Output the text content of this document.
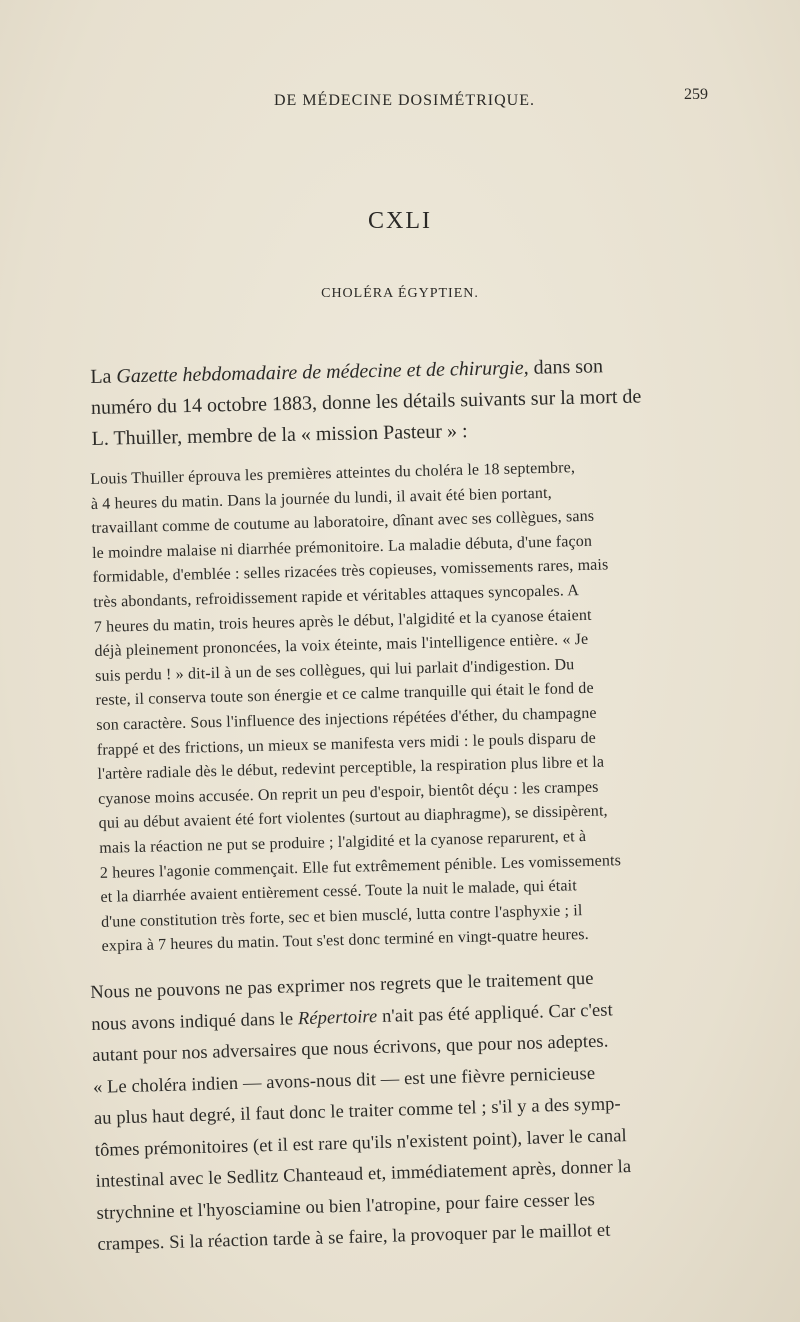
DE MÉDECINE DOSIMÉTRIQUE.	259
CXLI
CHOLÉRA ÉGYPTIEN.
La Gazette hebdomadaire de médecine et de chirurgie, dans son
numéro du 14 octobre 1883, donne les détails suivants sur la mort de
L. Thuiller, membre de la « mission Pasteur » :
Louis Thuiller éprouva les premières atteintes du choléra le 18 septembre,
à 4 heures du matin. Dans la journée du lundi, il avait été bien portant,
travaillant comme de coutume au laboratoire, dînant avec ses collègues, sans
le moindre malaise ni diarrhée prémonitoire. La maladie débuta, d'une façon
formidable, d'emblée : selles rizacées très copieuses, vomissements rares, mais
très abondants, refroidissement rapide et véritables attaques syncopales. A
7 heures du matin, trois heures après le début, l'algidité et la cyanose étaient
déjà pleinement prononcées, la voix éteinte, mais l'intelligence entière. « Je
suis perdu ! » dit-il à un de ses collègues, qui lui parlait d'indigestion. Du
reste, il conserva toute son énergie et ce calme tranquille qui était le fond de
son caractère. Sous l'influence des injections répétées d'éther, du champagne
frappé et des frictions, un mieux se manifesta vers midi : le pouls disparu de
l'artère radiale dès le début, redevint perceptible, la respiration plus libre et la
cyanose moins accusée. On reprit un peu d'espoir, bientôt déçu : les crampes
qui au début avaient été fort violentes (surtout au diaphragme), se dissipèrent,
mais la réaction ne put se produire ; l'algidité et la cyanose reparurent, et à
2 heures l'agonie commençait. Elle fut extrêmement pénible. Les vomissements
et la diarrhée avaient entièrement cessé. Toute la nuit le malade, qui était
d'une constitution très forte, sec et bien musclé, lutta contre l'asphyxie ; il
expira à 7 heures du matin. Tout s'est donc terminé en vingt-quatre heures.
Nous ne pouvons ne pas exprimer nos regrets que le traitement que
nous avons indiqué dans le Répertoire n'ait pas été appliqué. Car c'est
autant pour nos adversaires que nous écrivons, que pour nos adeptes.
« Le choléra indien — avons-nous dit — est une fièvre pernicieuse
au plus haut degré, il faut donc le traiter comme tel ; s'il y a des symp-
tômes prémonitoires (et il est rare qu'ils n'existent point), laver le canal
intestinal avec le Sedlitz Chanteaud et, immédiatement après, donner la
strychnine et l'hyosciamine ou bien l'atropine, pour faire cesser les
crampes. Si la réaction tarde à se faire, la provoquer par le maillot et
